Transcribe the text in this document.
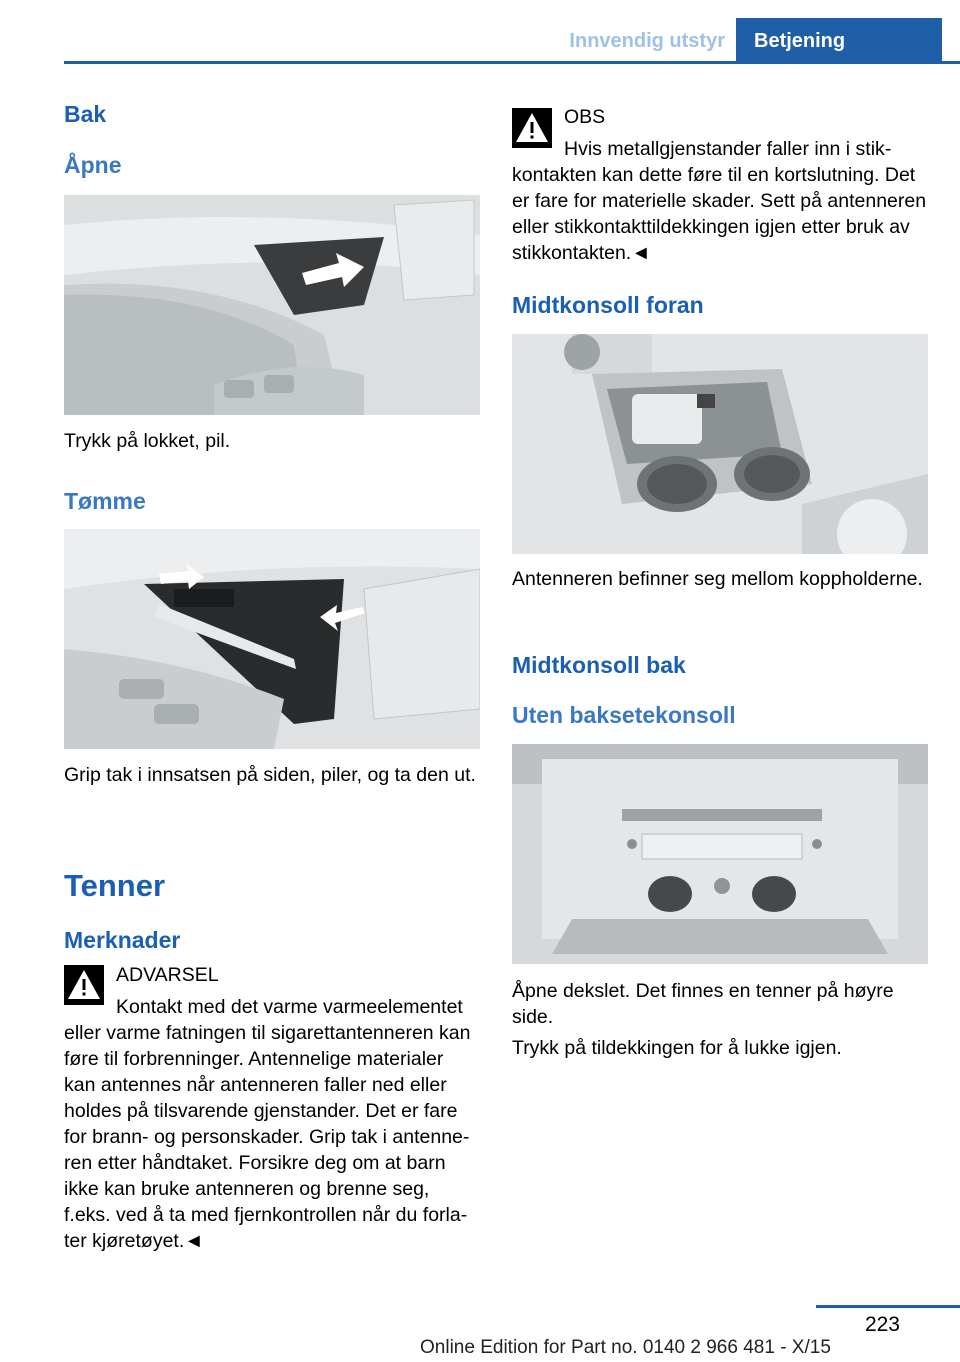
Innvendig utstyr	Betjening
Bak
Åpne
Trykk på lokket, pil.
Tømme
Grip tak i innsatsen på siden, piler, og ta den ut.
Tenner
Merknader
ADVARSEL
Kontakt med det varme varmeelementet eller varme fatningen til sigarettantenneren kan føre til forbrenninger. Antennelige materialer kan antennes når antenneren faller ned eller holdes på tilsvarende gjenstander. Det er fare for brann- og personskader. Grip tak i antenneren etter håndtaket. Forsikre deg om at barn ikke kan bruke antenneren og brenne seg, f.eks. ved å ta med fjernkontrollen når du forlater kjøretøyet.◄
OBS
Hvis metallgjenstander faller inn i stikkontakten kan dette føre til en kortslutning. Det er fare for materielle skader. Sett på antenneren eller stikkontakttildekkingen igjen etter bruk av stikkontakten.◄
Midtkonsoll foran
Antenneren befinner seg mellom koppholderne.
Midtkonsoll bak
Uten baksetekonsoll
Åpne dekslet. Det finnes en tenner på høyre side.
Trykk på tildekkingen for å lukke igjen.
223
Online Edition for Part no. 0140 2 966 481 - X/15
